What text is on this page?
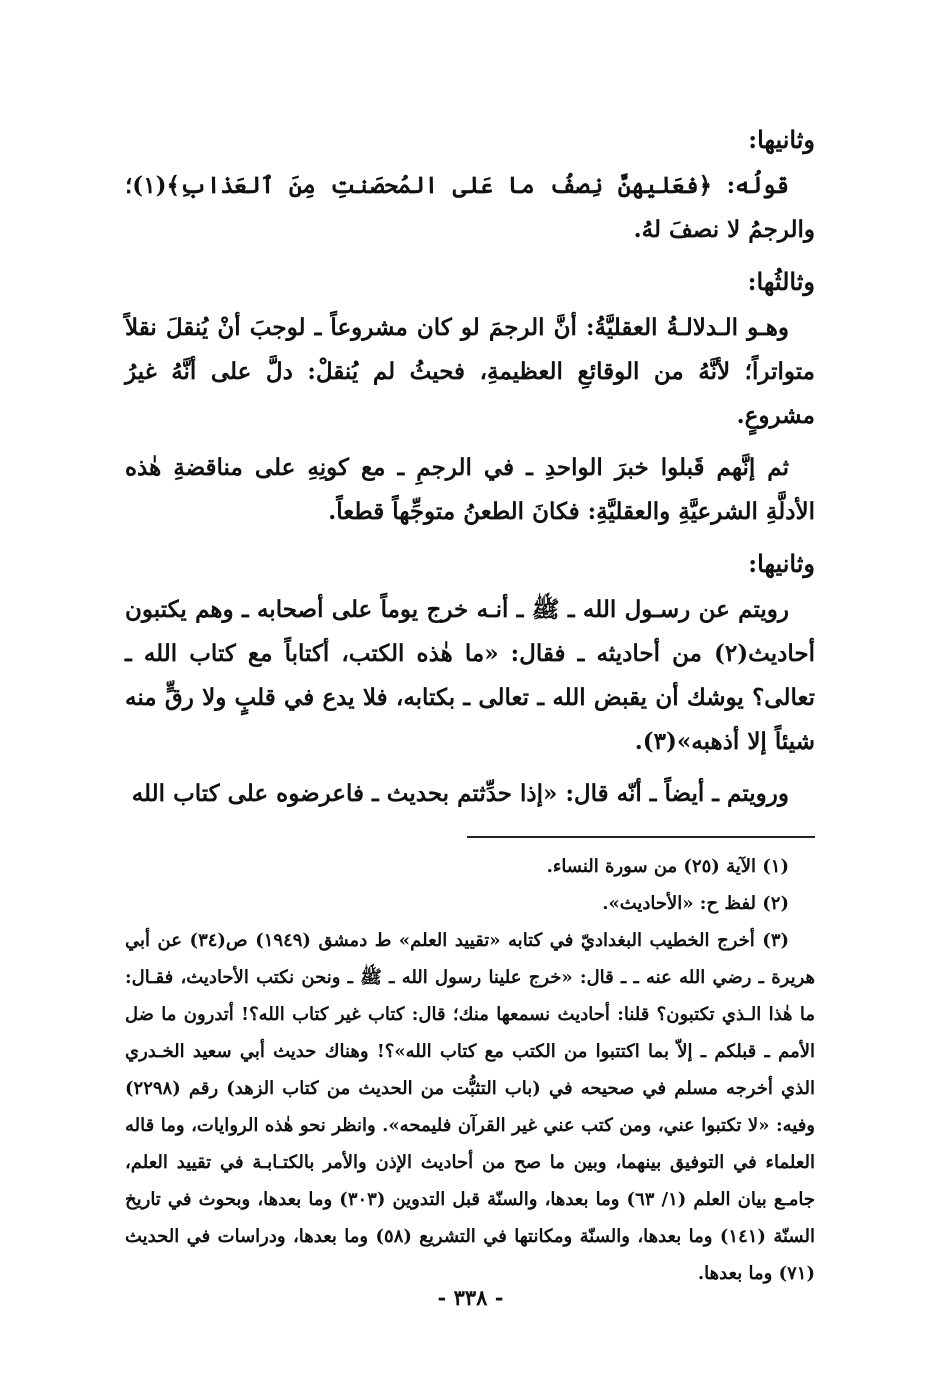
وثانيها:

قولُه: ﴿فعَليهنَّ نِصفُ ما عَلى المُحصَنتِ مِنَ ٱلعَذابِ﴾(١)؛ والرجمُ لا نصفَ لهُ.

وثالثُها:

وهـو الـدلالـةُ العقليَّةُ: أنَّ الرجمَ لو كان مشروعاً ـ لوجبَ أنْ يُنقلَ نقلاً متواتراً؛ لأنَّهُ من الوقائعِ العظيمةِ، فحيثُ لم يُنقلْ: دلَّ على أنَّهُ غيرُ مشروعٍ.

ثم إنَّهم قَبلوا خبرَ الواحدِ ـ في الرجمِ ـ مع كونِهِ على مناقضةِ هٰذه الأدلَّةِ الشرعيَّةِ والعقليَّةِ: فكانَ الطعنُ متوجِّهاً قطعاً.

وثانيها:

رويتم عن رسـول الله ـ ﷺ ـ أنـه خرج يوماً على أصحابه ـ وهم يكتبون أحاديث(٢) من أحاديثه ـ فقال: «ما هٰذه الكتب، أكتاباً مع كتاب الله ـ تعالى؟ يوشك أن يقبض الله ـ تعالى ـ بكتابه، فلا يدع في قلبٍ ولا رقٍّ منه شيئاً إلا أذهبه»(٣).

ورويتم ـ أيضاً ـ أنّه قال: «إذا حدِّثتم بحديث ـ فاعرضوه على كتاب الله

(١) الآية (٢٥) من سورة النساء.

(٢) لفظ ح: «الأحاديث».

(٣) أخرج الخطيب البغداديّ في كتابه «تقييد العلم» ط دمشق (١٩٤٩) ص(٣٤) عن أبي هريرة ـ رضي الله عنه ـ ـ قال: «خرج علينا رسول الله ـ ﷺ ـ ونحن نكتب الأحاديث، فقـال: ما هٰذا الـذي تكتبون؟ قلنا: أحاديث نسمعها منك؛ قال: كتاب غير كتاب الله؟! أتدرون ما ضل الأمم ـ قبلكم ـ إلاّ بما اكتتبوا من الكتب مع كتاب الله»؟! وهناك حديث أبي سعيد الخـدري الذي أخرجه مسلم في صحيحه في (باب التثبُّت من الحديث من كتاب الزهد) رقم (٢٢٩٨) وفيه: «لا تكتبوا عني، ومن كتب عني غير القرآن فليمحه». وانظر نحو هٰذه الروايات، وما قاله العلماء في التوفيق بينهما، وبين ما صح من أحاديث الإذن والأمر بالكتـابـة في تقييد العلم، جامـع بيان العلم (١/ ٦٣) وما بعدها، والسنّة قبل التدوين (٣٠٣) وما بعدها، وبحوث في تاريخ السنّة (١٤١) وما بعدها، والسنّة ومكانتها في التشريع (٥٨) وما بعدها، ودراسات في الحديث (٧١) وما بعدها.

- ٣٣٨ -
